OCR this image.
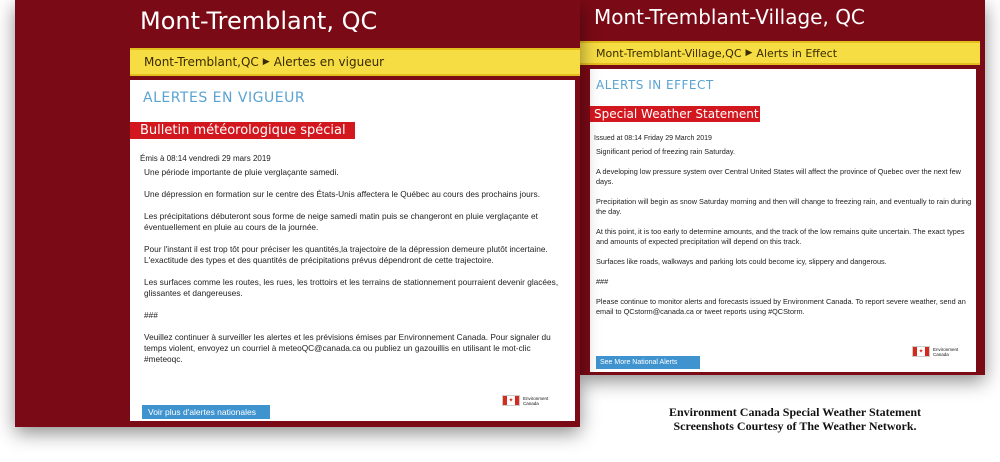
Mont-Tremblant, QC
Mont-Tremblant,QC ▶ Alertes en vigueur
ALERTES EN VIGUEUR
Bulletin météorologique spécial
Émis à 08:14 vendredi 29 mars 2019

Une période importante de pluie verglaçante samedi.

Une dépression en formation sur le centre des États-Unis affectera le Québec au cours des prochains jours.

Les précipitations débuteront sous forme de neige samedi matin puis se changeront en pluie verglaçante et éventuellement en pluie au cours de la journée.

Pour l'instant il est trop tôt pour préciser les quantités,la trajectoire de la dépression demeure plutôt incertaine. L'exactitude des types et des quantités de précipitations prévus dépendront de cette trajectoire.

Les surfaces comme les routes, les rues, les trottoirs et les terrains de stationnement pourraient devenir glacées, glissantes et dangereuses.

###

Veuillez continuer à surveiller les alertes et les prévisions émises par Environnement Canada. Pour signaler du temps violent, envoyez un courriel à meteoQC@canada.ca ou publiez un gazouillis en utilisant le mot-clic #meteoqc.

Voir plus d'alertes nationales
✦	Environment
Canada
Mont-Tremblant-Village, QC
Mont-Tremblant-Village,QC ▶ Alerts in Effect
ALERTS IN EFFECT
Special Weather Statement
Issued at 08:14 Friday 29 March 2019

Significant period of freezing rain Saturday.

A developing low pressure system over Central United States will affect the province of Quebec over the next few days.

Precipitation will begin as snow Saturday morning and then will change to freezing rain, and eventually to rain during the day.

At this point, it is too early to determine amounts, and the track of the low remains quite uncertain. The exact types and amounts of expected precipitation will depend on this track.

Surfaces like roads, walkways and parking lots could become icy, slippery and dangerous.

###

Please continue to monitor alerts and forecasts issued by Environment Canada. To report severe weather, send an email to QCstorm@canada.ca or tweet reports using #QCStorm.

See More National Alerts
✦	Environment
Canada
Environment Canada Special Weather Statement
Screenshots Courtesy of The Weather Network.
